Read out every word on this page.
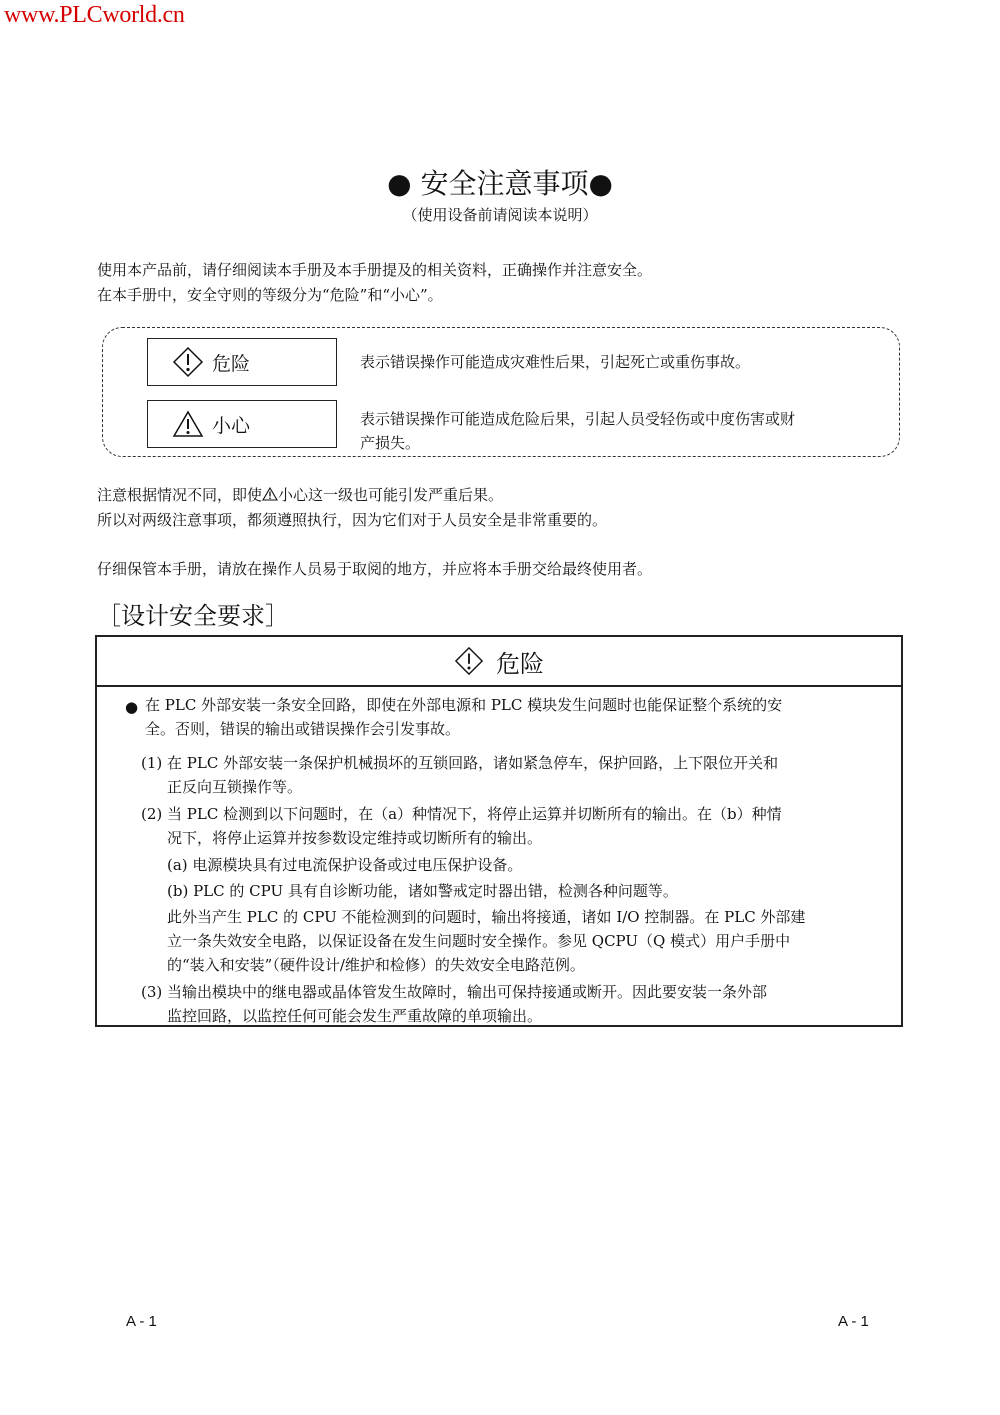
www.PLCworld.cn
● 安全注意事项●
（使用设备前请阅读本说明）
使用本产品前，请仔细阅读本手册及本手册提及的相关资料，正确操作并注意安全。
在本手册中，安全守则的等级分为“危险”和“小心”。
危险	表示错误操作可能造成灾难性后果，引起死亡或重伤事故。
小心	表示错误操作可能造成危险后果，引起人员受轻伤或中度伤害或财
产损失。
注意根据情况不同，即使 小心这一级也可能引发严重后果。
所以对两级注意事项，都须遵照执行，因为它们对于人员安全是非常重要的。
仔细保管本手册，请放在操作人员易于取阅的地方，并应将本手册交给最终使用者。
［设计安全要求］
危险
● 在 PLC 外部安装一条安全回路，即使在外部电源和 PLC 模块发生问题时也能保证整个系统的安
全。否则，错误的输出或错误操作会引发事故。
(1) 在 PLC 外部安装一条保护机械损坏的互锁回路，诸如紧急停车，保护回路，上下限位开关和
正反向互锁操作等。
(2) 当 PLC 检测到以下问题时，在（a）种情况下，将停止运算并切断所有的输出。在（b）种情
况下，将停止运算并按参数设定维持或切断所有的输出。
(a) 电源模块具有过电流保护设备或过电压保护设备。
(b) PLC 的 CPU 具有自诊断功能，诸如警戒定时器出错，检测各种问题等。
此外当产生 PLC 的 CPU 不能检测到的问题时，输出将接通，诸如 I/O 控制器。在 PLC 外部建
立一条失效安全电路，以保证设备在发生问题时安全操作。参见 QCPU（Q 模式）用户手册中
的“装入和安装”（硬件设计/维护和检修）的失效安全电路范例。
(3) 当输出模块中的继电器或晶体管发生故障时，输出可保持接通或断开。因此要安装一条外部
监控回路，以监控任何可能会发生严重故障的单项输出。
A - 1	A - 1
